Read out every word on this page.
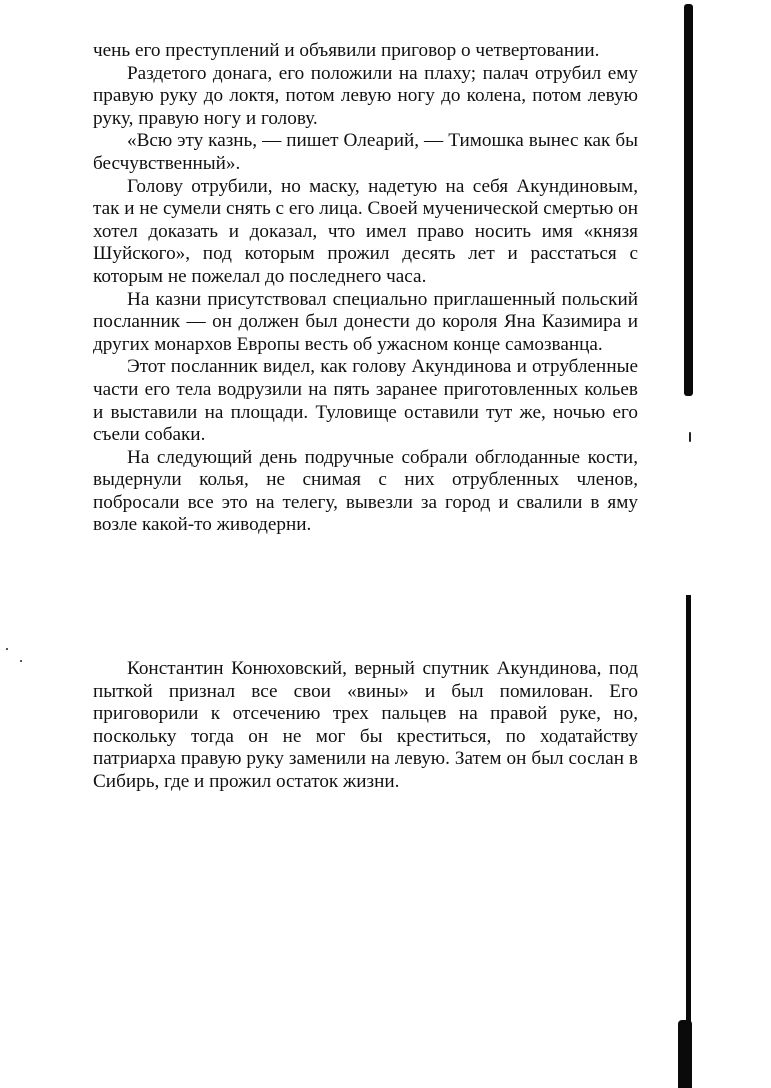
чень его преступлений и объявили приговор о четвертовании.

Раздетого донага, его положили на плаху; палач отрубил ему правую руку до локтя, потом левую ногу до колена, потом левую руку, правую ногу и голову.

«Всю эту казнь, — пишет Олеарий, — Тимошка вынес как бы бесчувственный».

Голову отрубили, но маску, надетую на себя Акундиновым, так и не сумели снять с его лица. Своей мученической смертью он хотел доказать и доказал, что имел право носить имя «князя Шуйского», под которым прожил десять лет и расстаться с которым не пожелал до последнего часа.

На казни присутствовал специально приглашенный польский посланник — он должен был донести до короля Яна Казимира и других монархов Европы весть об ужасном конце самозванца.

Этот посланник видел, как голову Акундинова и отрубленные части его тела водрузили на пять заранее приготовленных кольев и выставили на площади. Туловище оставили тут же, ночью его съели собаки.

На следующий день подручные собрали обглоданные кости, выдернули колья, не снимая с них отрубленных членов, побросали все это на телегу, вывезли за город и свалили в яму возле какой-то живодерни.

Константин Конюховский, верный спутник Акундинова, под пыткой признал все свои «вины» и был помилован. Его приговорили к отсечению трех пальцев на правой руке, но, поскольку тогда он не мог бы креститься, по ходатайству патриарха правую руку заменили на левую. Затем он был сослан в Сибирь, где и прожил остаток жизни.
